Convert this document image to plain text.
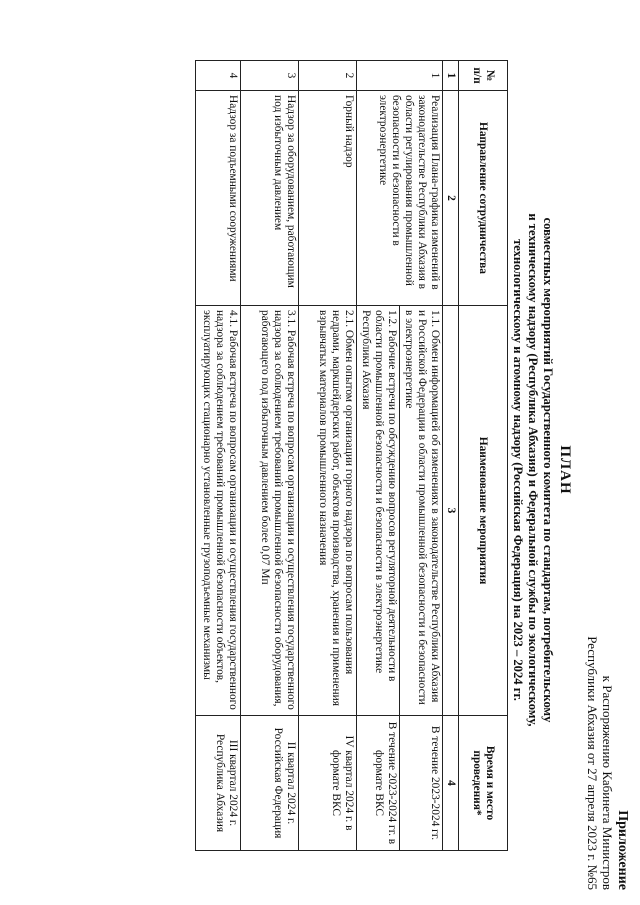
Приложение
к Распоряжению Кабинета Министров
Республики Абхазия от 27 апреля 2023 г. №65
ПЛАН
совместных мероприятий Государственного комитета по стандартам, потребительскому
и техническому надзору (Республика Абхазия) и Федеральной службы по экологическому,
технологическому и атомному надзору (Российская Федерация) на 2023 – 2024 гг.
№ п/п	Направление сотрудничества	Наименование мероприятия	Время и место проведения*
1	2	3	4
1	Реализация Плана-графика изменений в законодательстве Республики Абхазия в области регулирования промышленной безопасности и безопасности в электроэнергетике	1.1. Обмен информацией об изменениях в законодательстве Республики Абхазия и Российской Федерации в области промышленной безопасности и безопасности в электроэнергетике	В течение 2023-2024 гг.
		1.2. Рабочие встречи по обсуждению вопросов регуляторной деятельности в области промышленной безопасности и безопасности в электроэнергетике Республики Абхазия	В течение 2023-2024 гг. в формате ВКС
2	Горный надзор	2.1. Обмен опытом организации горного надзора по вопросам пользования недрами, маркшейдерских работ, объектов производства, хранения и применения взрывчатых материалов промышленного назначения	IV квартал 2024 г. в формате ВКС
3	Надзор за оборудованием, работающим под избыточным давлением	3.1. Рабочая встреча по вопросам организации и осуществления государственного надзора за соблюдением требований промышленной безопасности оборудования, работающего под избыточным давлением более 0,07 Мп	II квартал 2024 г. Российская Федерация
4	Надзор за подъемными сооружениями	4.1. Рабочая встреча по вопросам организации и осуществления государственного надзора за соблюдением требований промышленной безопасности объектов, эксплуатирующих стационарно установленные грузоподъемные механизмы	III квартал 2024 г. Республика Абхазия
